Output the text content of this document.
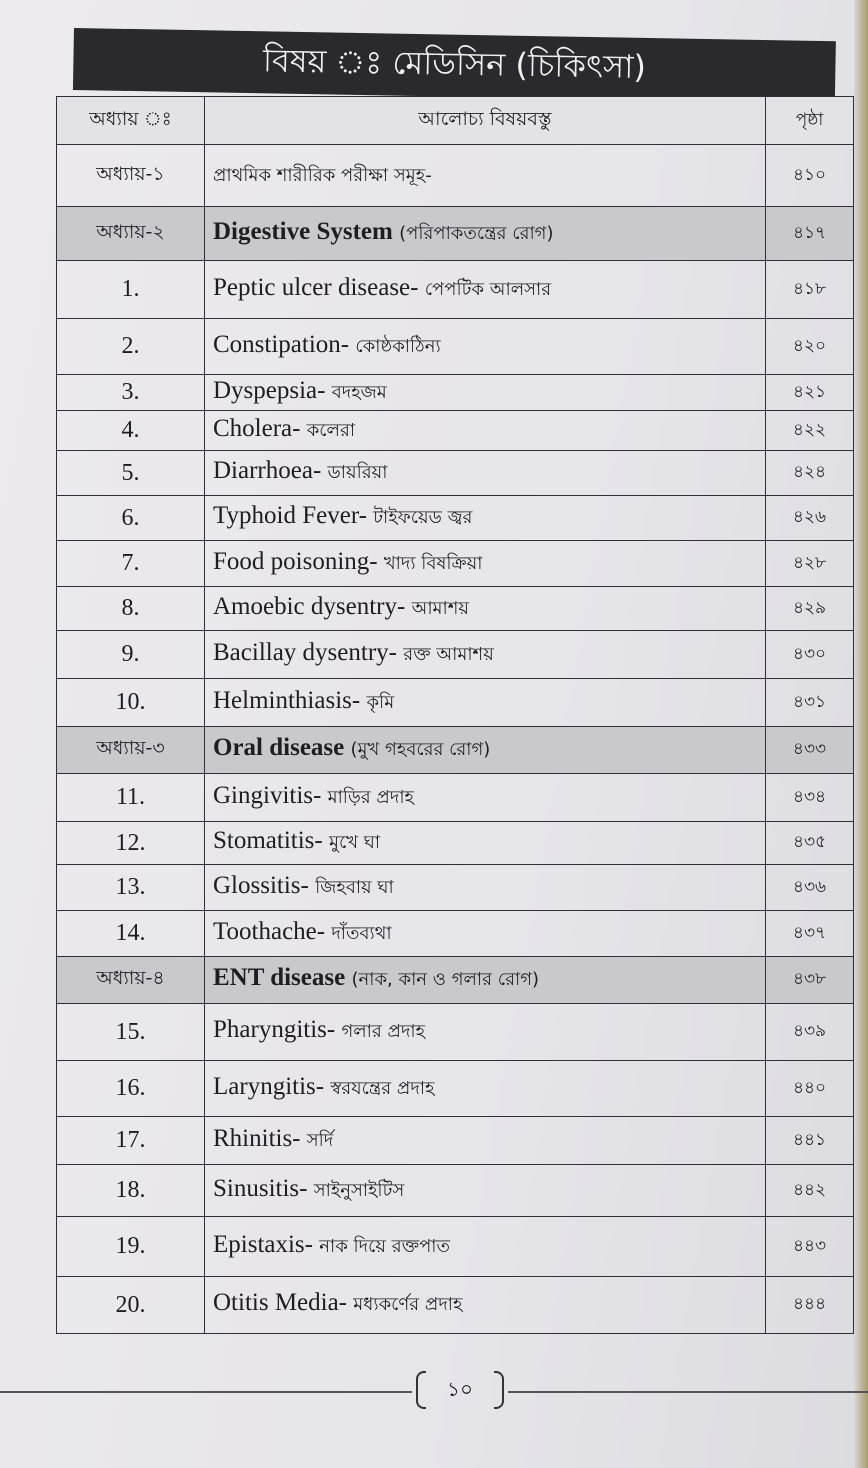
বিষয় ঃ মেডিসিন (চিকিৎসা)
অধ্যায় ঃ	আলোচ্য বিষয়বস্তু	পৃষ্ঠা
অধ্যায়-১	প্রাথমিক শারীরিক পরীক্ষা সমূহ-	৪১০
অধ্যায়-২	Digestive System (পরিপাকতন্ত্রের রোগ)	৪১৭
1.	Peptic ulcer disease- পেপটিক আলসার	৪১৮
2.	Constipation- কোষ্ঠকাঠিন্য	৪২০
3.	Dyspepsia- বদহজম	৪২১
4.	Cholera- কলেরা	৪২২
5.	Diarrhoea- ডায়রিয়া	৪২৪
6.	Typhoid Fever- টাইফয়েড জ্বর	৪২৬
7.	Food poisoning- খাদ্য বিষক্রিয়া	৪২৮
8.	Amoebic dysentry- আমাশয়	৪২৯
9.	Bacillay dysentry- রক্ত আমাশয়	৪৩০
10.	Helminthiasis- কৃমি	৪৩১
অধ্যায়-৩	Oral disease (মুখ গহবরের রোগ)	৪৩৩
11.	Gingivitis- মাড়ির প্রদাহ	৪৩৪
12.	Stomatitis- মুখে ঘা	৪৩৫
13.	Glossitis- জিহবায় ঘা	৪৩৬
14.	Toothache- দাঁতব্যথা	৪৩৭
অধ্যায়-৪	ENT disease (নাক, কান ও গলার রোগ)	৪৩৮
15.	Pharyngitis- গলার প্রদাহ	৪৩৯
16.	Laryngitis- স্বরযন্ত্রের প্রদাহ	৪৪০
17.	Rhinitis- সর্দি	৪৪১
18.	Sinusitis- সাইনুসাইটিস	৪৪২
19.	Epistaxis- নাক দিয়ে রক্তপাত	৪৪৩
20.	Otitis Media- মধ্যকর্ণের প্রদাহ	৪৪৪
১০
